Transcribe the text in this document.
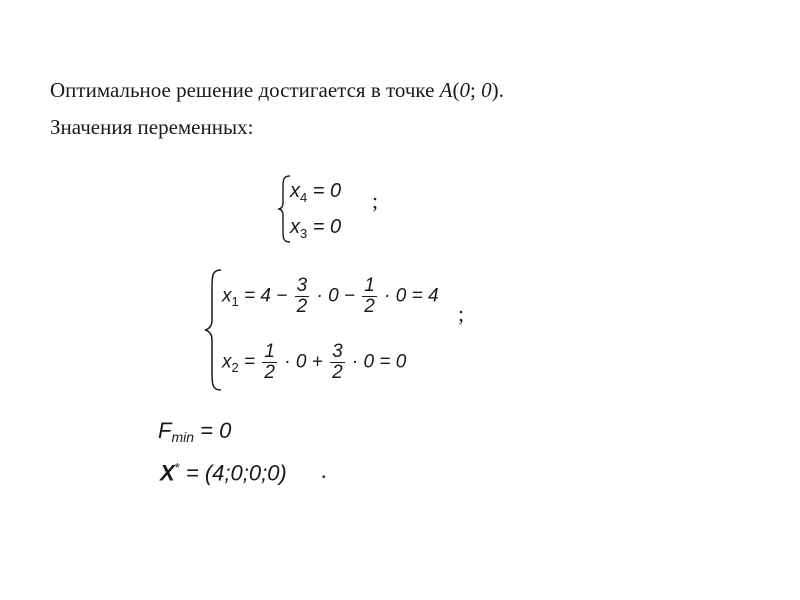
Оптимальное решение достигается в точке A(0; 0).
Значения переменных:
$x_4 = 0$
$x_3 = 0$
;
$x_1 = 4 - \frac{3}{2} \cdot 0 - \frac{1}{2} \cdot 0 = 4$
$x_2 = \frac{1}{2} \cdot 0 + \frac{3}{2} \cdot 0 = 0$
;
Fmin = 0
X* = (4;0;0;0) .
